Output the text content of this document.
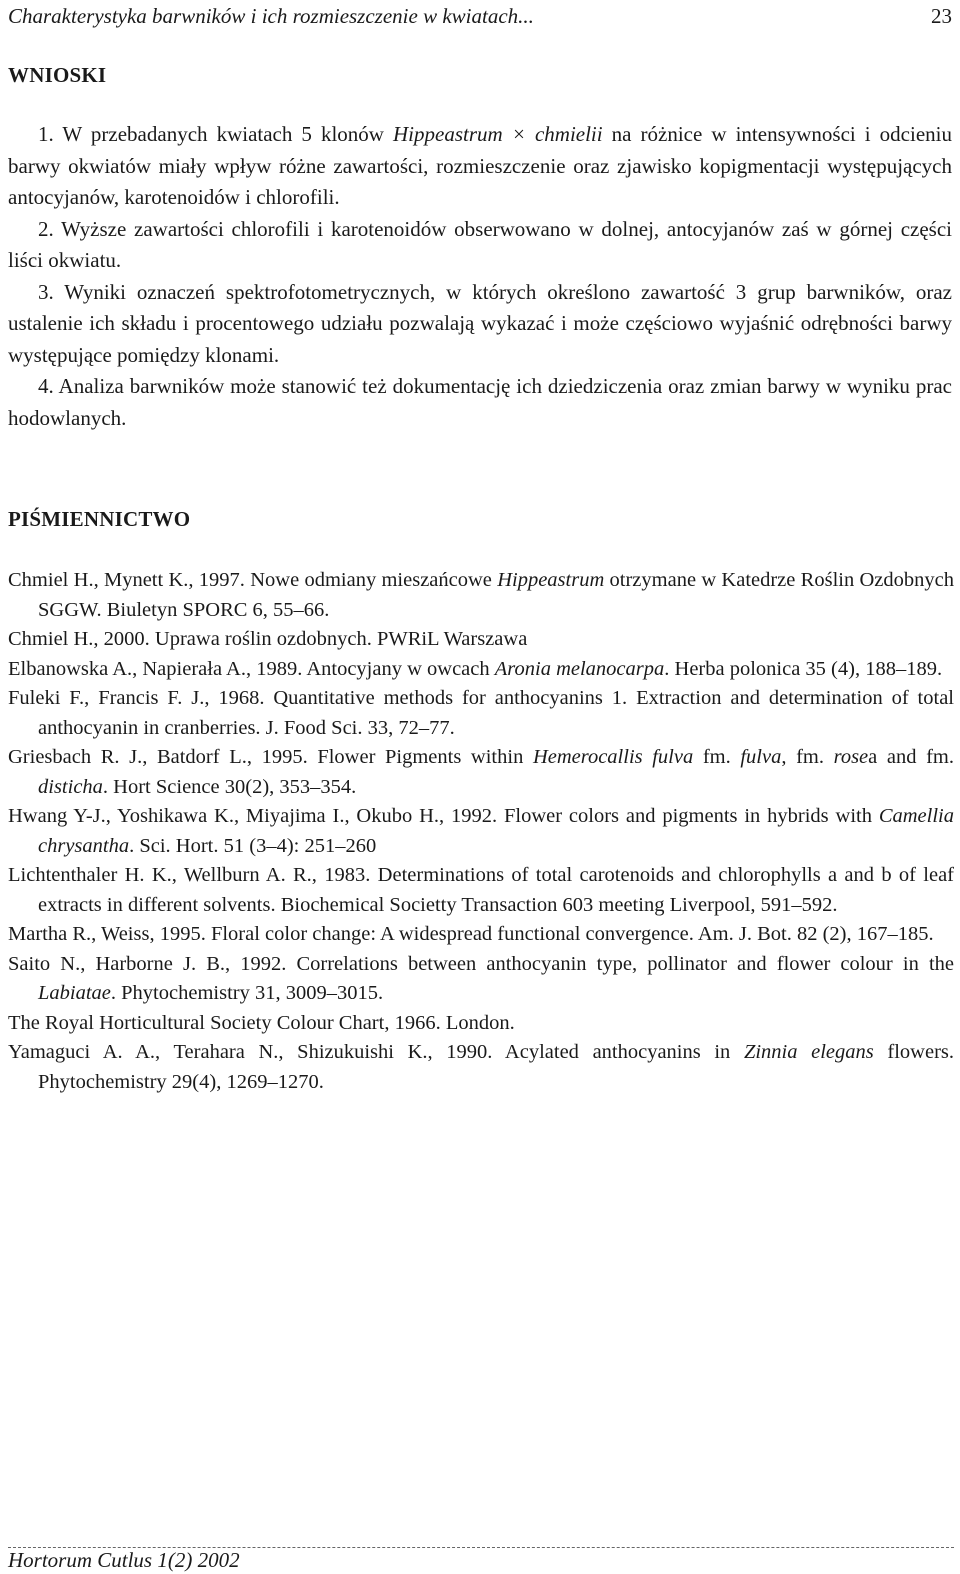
Charakterystyka barwników i ich rozmieszczenie w kwiatach...	23
WNIOSKI

1. W przebadanych kwiatach 5 klonów Hippeastrum × chmielii na różnice w intensywności i odcieniu barwy okwiatów miały wpływ różne zawartości, rozmieszczenie oraz zjawisko kopigmentacji występujących antocyjanów, karotenoidów i chlorofili.

2. Wyższe zawartości chlorofili i karotenoidów obserwowano w dolnej, antocyjanów zaś w górnej części liści okwiatu.

3. Wyniki oznaczeń spektrofotometrycznych, w których określono zawartość 3 grup barwników, oraz ustalenie ich składu i procentowego udziału pozwalają wykazać i może częściowo wyjaśnić odrębności barwy występujące pomiędzy klonami.

4. Analiza barwników może stanowić też dokumentację ich dziedziczenia oraz zmian barwy w wyniku prac hodowlanych.

PIŚMIENNICTWO

Chmiel H., Mynett K., 1997. Nowe odmiany mieszańcowe Hippeastrum otrzymane w Katedrze Roślin Ozdobnych SGGW. Biuletyn SPORC 6, 55–66.

Chmiel H., 2000. Uprawa roślin ozdobnych. PWRiL Warszawa

Elbanowska A., Napierała A., 1989. Antocyjany w owcach Aronia melanocarpa. Herba polonica 35 (4), 188–189.

Fuleki F., Francis F. J., 1968. Quantitative methods for anthocyanins 1. Extraction and determination of total anthocyanin in cranberries. J. Food Sci. 33, 72–77.

Griesbach R. J., Batdorf L., 1995. Flower Pigments within Hemerocallis fulva fm. fulva, fm. rosea and fm. disticha. Hort Science 30(2), 353–354.

Hwang Y-J., Yoshikawa K., Miyajima I., Okubo H., 1992. Flower colors and pigments in hybrids with Camellia chrysantha. Sci. Hort. 51 (3–4): 251–260

Lichtenthaler H. K., Wellburn A. R., 1983. Determinations of total carotenoids and chlorophylls a and b of leaf extracts in different solvents. Biochemical Societty Transaction 603 meeting Liverpool, 591–592.

Martha R., Weiss, 1995. Floral color change: A widespread functional convergence. Am. J. Bot. 82 (2), 167–185.

Saito N., Harborne J. B., 1992. Correlations between anthocyanin type, pollinator and flower colour in the Labiatae. Phytochemistry 31, 3009–3015.

The Royal Horticultural Society Colour Chart, 1966. London.

Yamaguci A. A., Terahara N., Shizukuishi K., 1990. Acylated anthocyanins in Zinnia elegans flowers. Phytochemistry 29(4), 1269–1270.

Hortorum Cutlus 1(2) 2002
